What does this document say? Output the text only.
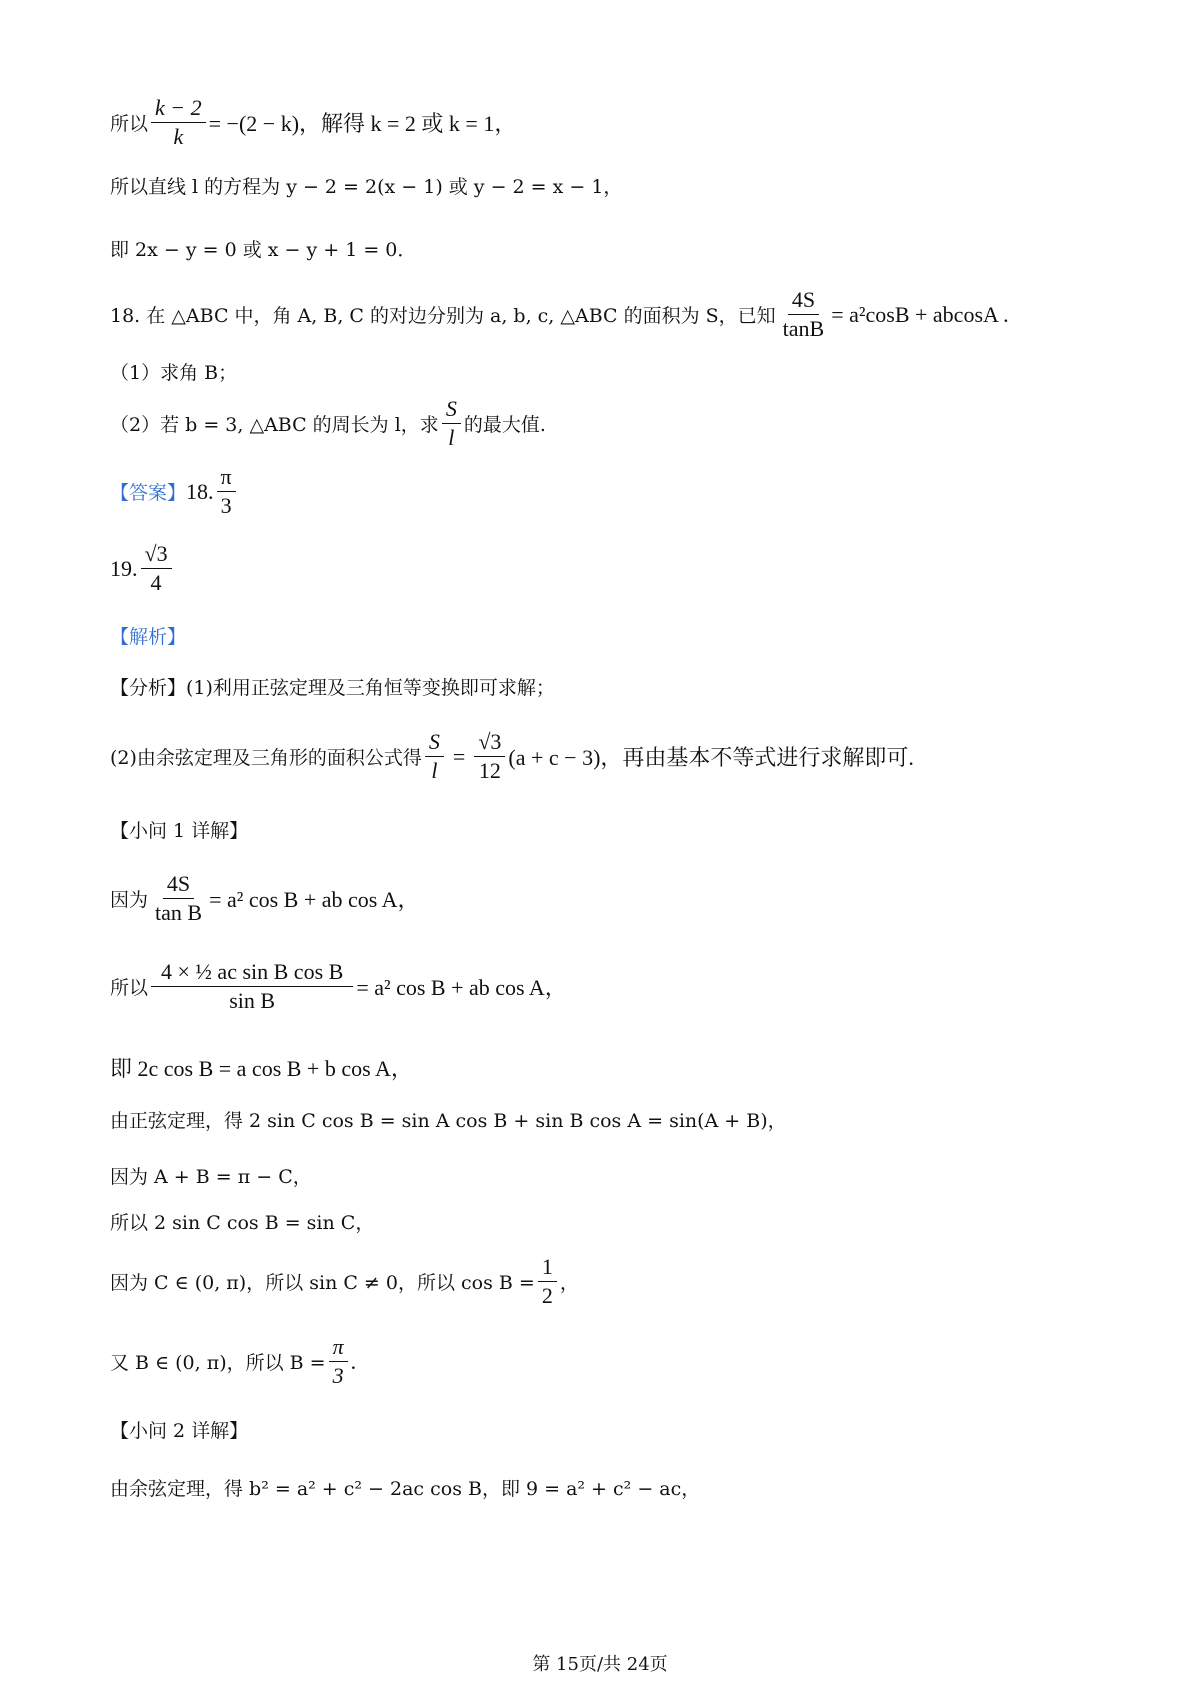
所以 $\frac{k - 2}{k} = -(2 - k)$，解得 k = 2 或 k = 1，
所以直线 l 的方程为 y − 2 = 2(x − 1) 或 y − 2 = x − 1，
即 2x − y = 0 或 x − y + 1 = 0．
18. 在 △ABC 中，角 A, B, C 的对边分别为 a, b, c, △ABC 的面积为 S，已知 $\frac{4S}{\tan B} = a^2\cos B + abcosA$ .
（1）求角 B；
（2）若 b = 3, △ABC 的周长为 l，求 $\frac{S}{l}$ 的最大值.
【答案】 18. $\frac{\pi}{3}$
19. $\frac{√3}{4}$
【解析】
【分析】(1)利用正弦定理及三角恒等变换即可求解；
(2)由余弦定理及三角形的面积公式得 $\frac{S}{l} = \frac{√3}{12} (a + c - 3)$，再由基本不等式进行求解即可.
【小问 1 详解】
因为 $\frac{4S}{\text{tan B}} = a^2$ cos B + ab cos A，
所以 $\frac{\text{4 × ½ ac sin B cos B}}{\text{sin B}} = a^2$ cos B + ab cos A，
即 2c cos B = a cos B + b cos A，
由正弦定理，得 2 sin C cos B = sin A cos B + sin B cos A = sin(A + B)，
因为 A + B = π − C，
所以 2 sin C cos B = sin C，
因为 C ∈ (0, π)，所以 sin C ≠ 0，所以 $\cos B = \frac{1}{2}$ ，
又 B ∈ (0, π)，所以 $B = \frac{\pi}{3}$ .
【小问 2 详解】
由余弦定理，得 b² = a² + c² − 2ac cos B，即 9 = a² + c² − ac，
第 15页/共 24页
